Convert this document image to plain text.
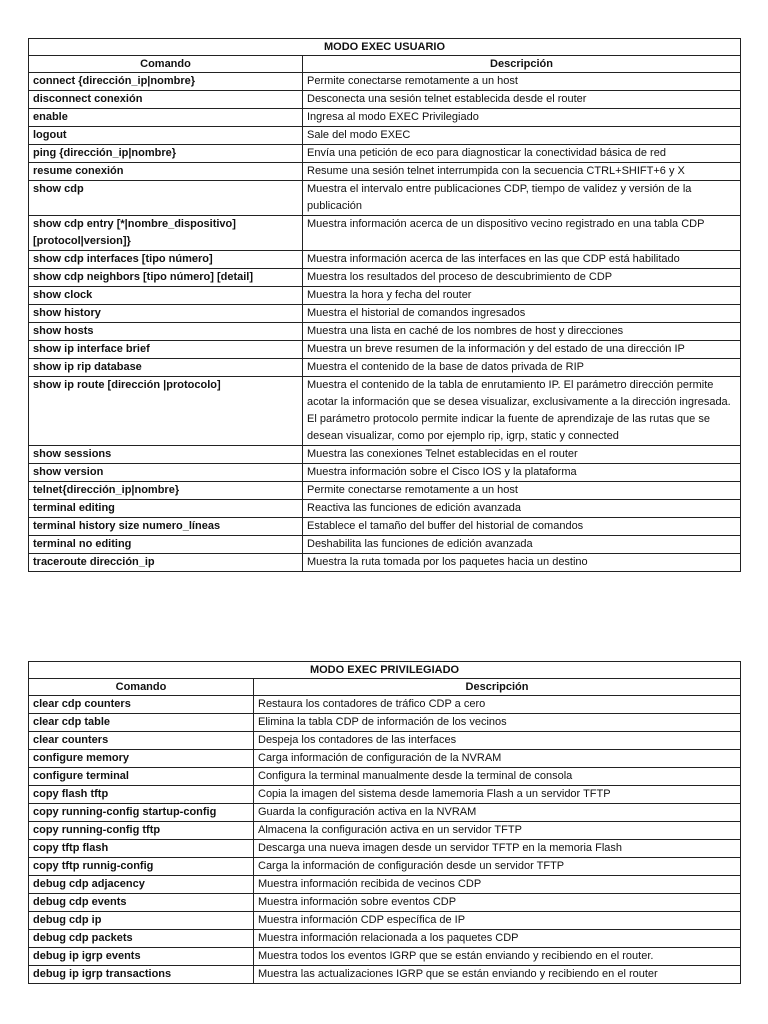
MODO EXEC USUARIO	
Comando	Descripción
connect {dirección_ip|nombre}	Permite conectarse remotamente a un host
disconnect conexión	Desconecta una sesión telnet establecida desde el router
enable	Ingresa al modo EXEC Privilegiado
logout	Sale del modo EXEC
ping {dirección_ip|nombre}	Envía una petición de eco para diagnosticar la conectividad básica de red
resume conexión	Resume una sesión telnet interrumpida con la secuencia CTRL+SHIFT+6 y X
show cdp	Muestra el intervalo entre publicaciones CDP, tiempo de validez y versión de la publicación
show cdp entry [*|nombre_dispositivo] [protocol|version]}	Muestra información acerca de un dispositivo vecino registrado en una tabla CDP
show cdp interfaces [tipo número]	Muestra información acerca de las interfaces en las que CDP está habilitado
show cdp neighbors [tipo número] [detail]	Muestra los resultados del proceso de descubrimiento de CDP
show clock	Muestra la hora y fecha del router
show history	Muestra el historial de comandos ingresados
show hosts	Muestra una lista en caché de los nombres de host y direcciones
show ip interface brief	Muestra un breve resumen de la información y del estado de una dirección IP
show ip rip database	Muestra el contenido de la base de datos privada de RIP
show ip route [dirección |protocolo]	Muestra el contenido de la tabla de enrutamiento IP. El parámetro dirección permite acotar la información que se desea visualizar, exclusivamente a la dirección ingresada. El parámetro protocolo permite indicar la fuente de aprendizaje de las rutas que se desean visualizar, como por ejemplo rip, igrp, static y connected
show sessions	Muestra las conexiones Telnet establecidas en el router
show version	Muestra información sobre el Cisco IOS y la plataforma
telnet{dirección_ip|nombre}	Permite conectarse remotamente a un host
terminal editing	Reactiva las funciones de edición avanzada
terminal history size numero_líneas	Establece el tamaño del buffer del historial de comandos
terminal no editing	Deshabilita las funciones de edición avanzada
traceroute dirección_ip	Muestra la ruta tomada por los paquetes hacia un destino
MODO EXEC PRIVILEGIADO	
Comando	Descripción
clear cdp counters	Restaura los contadores de tráfico CDP a cero
clear cdp table	Elimina la tabla CDP de información de los vecinos
clear counters	Despeja los contadores de las interfaces
configure memory	Carga información de configuración de la NVRAM
configure terminal	Configura la terminal manualmente desde la terminal de consola
copy flash tftp	Copia la imagen del sistema desde lamemoria Flash a un servidor TFTP
copy running-config startup-config	Guarda la configuración activa en la NVRAM
copy running-config tftp	Almacena la configuración activa en un servidor TFTP
copy tftp flash	Descarga una nueva imagen desde un servidor TFTP en la memoria Flash
copy tftp runnig-config	Carga la información de configuración desde un servidor TFTP
debug cdp adjacency	Muestra información recibida de vecinos CDP
debug cdp events	Muestra información sobre eventos CDP
debug cdp ip	Muestra información CDP específica de IP
debug cdp packets	Muestra información relacionada a los paquetes CDP
debug ip igrp events	Muestra todos los eventos IGRP que se están enviando y recibiendo en el router.
debug ip igrp transactions	Muestra las actualizaciones IGRP que se están enviando y recibiendo en el router
